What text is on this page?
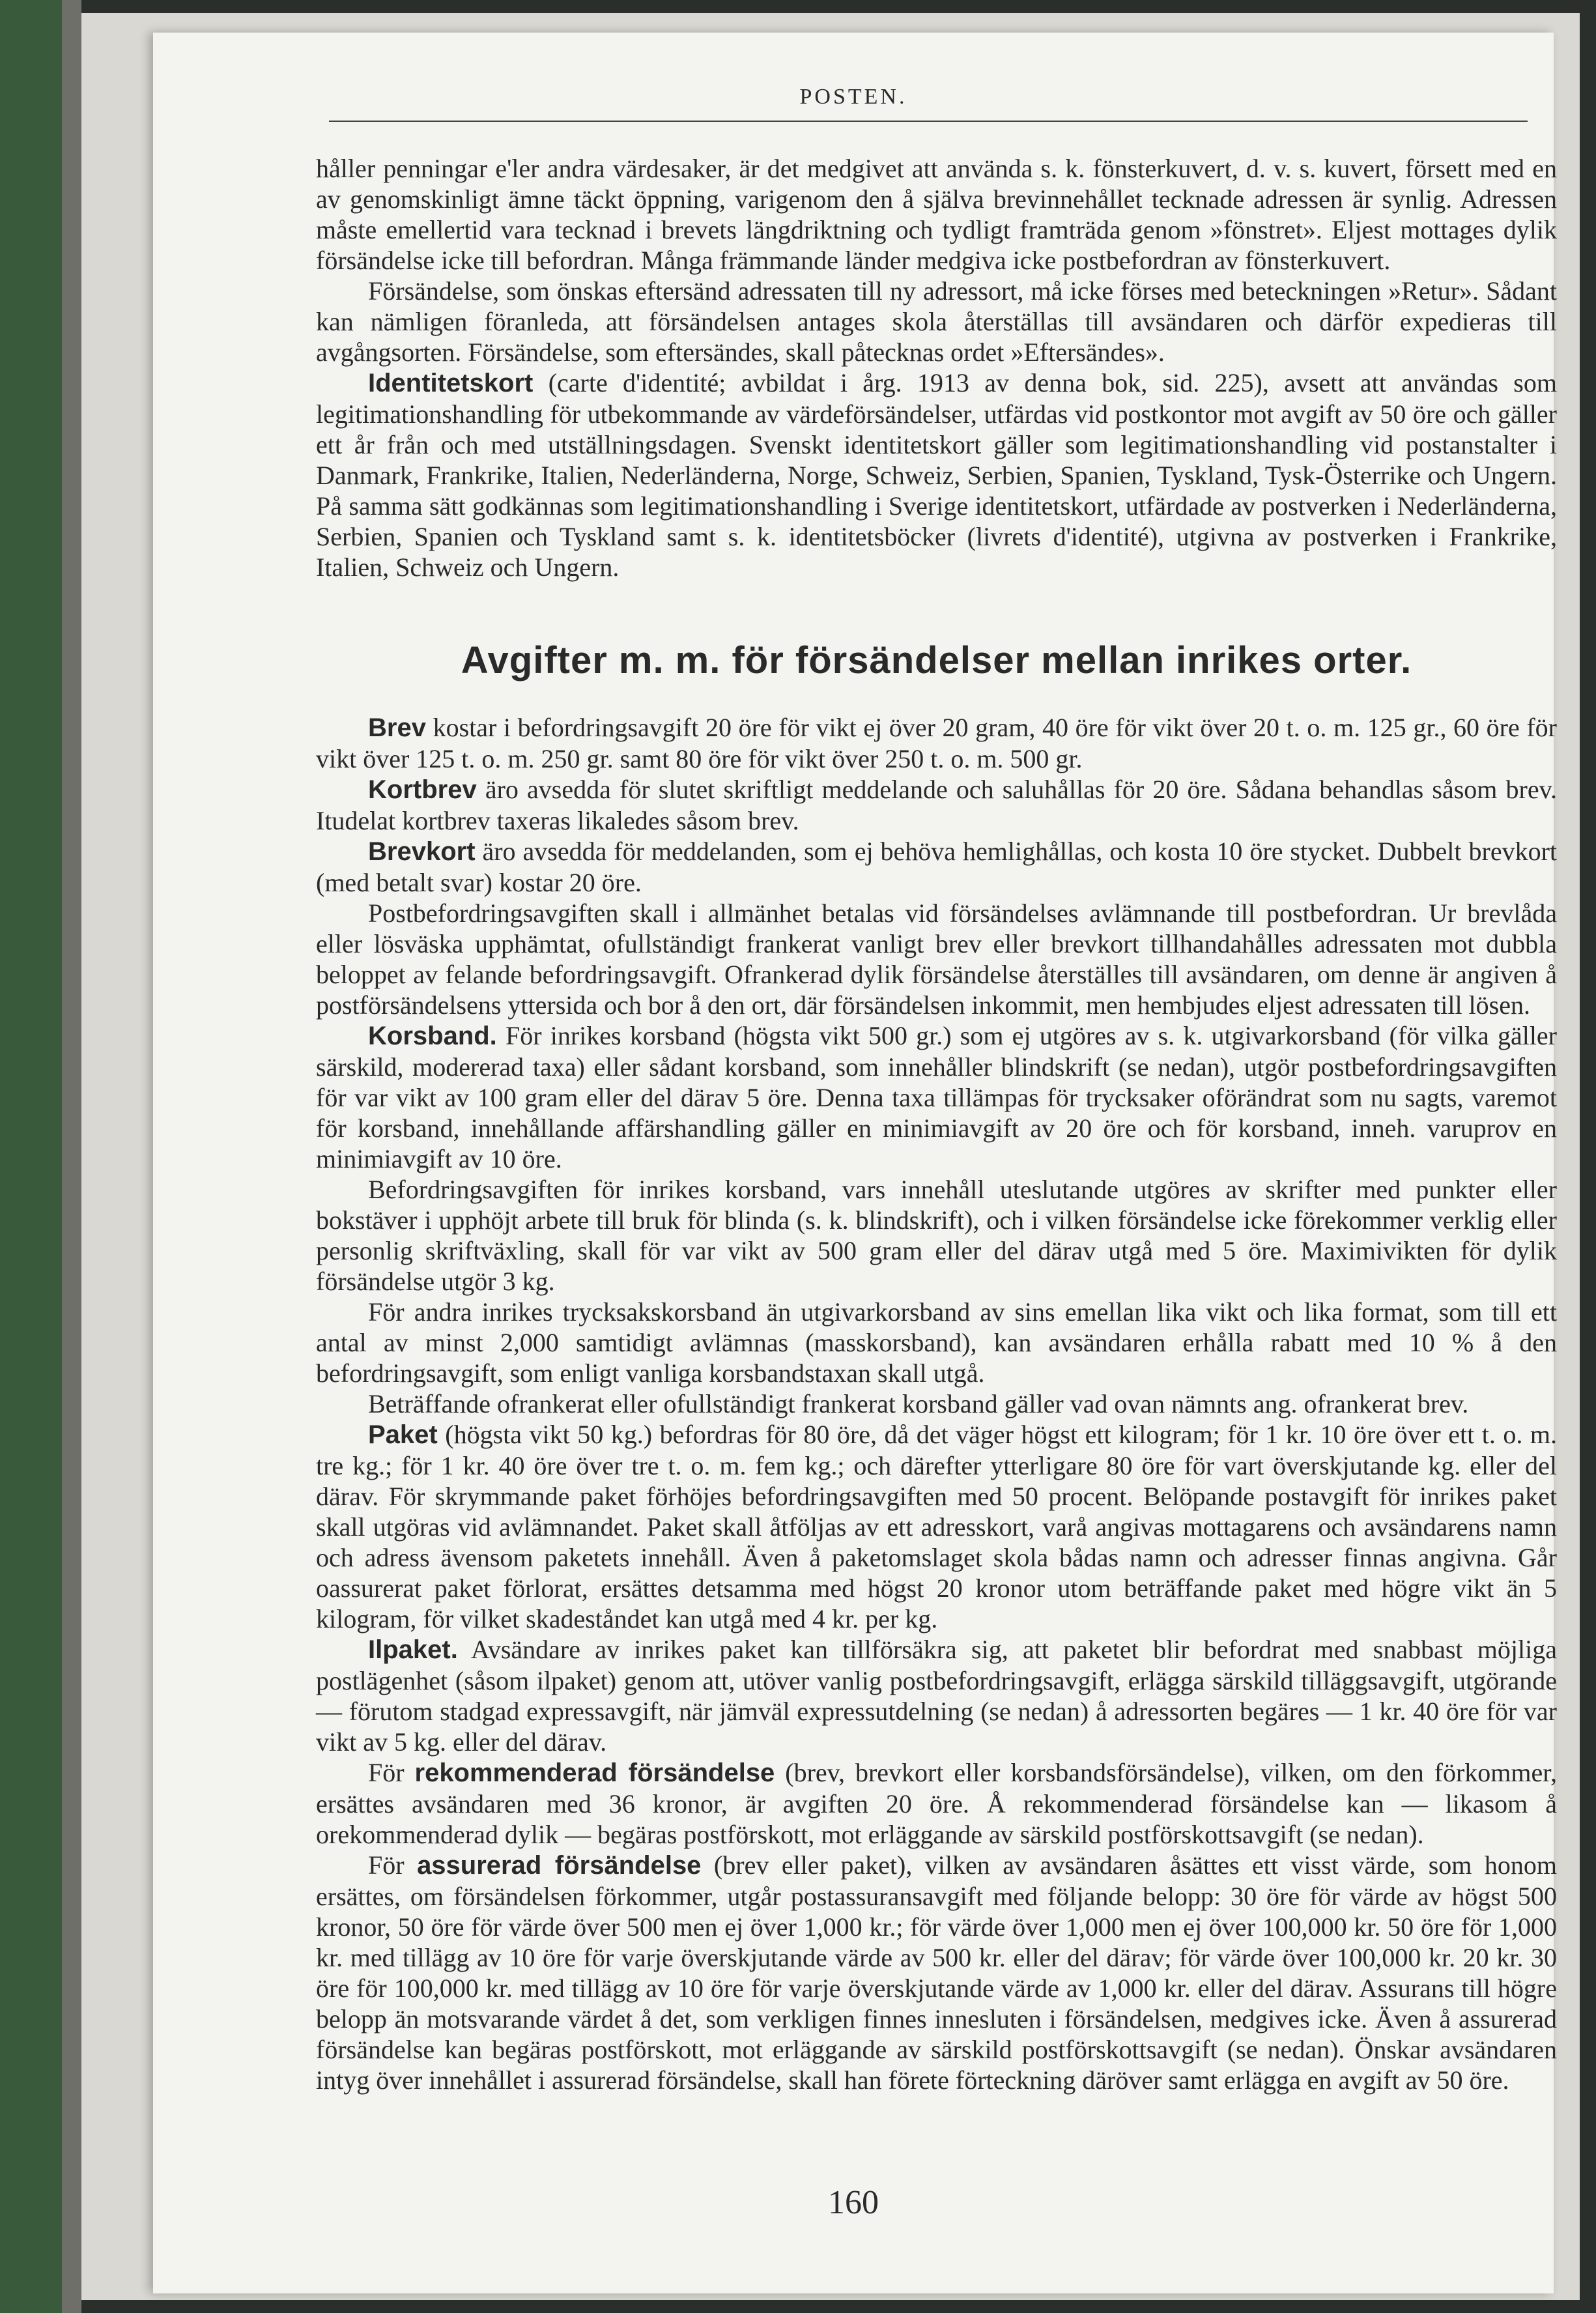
POSTEN.

håller penningar e'ler andra värdesaker, är det medgivet att använda s. k. fönsterkuvert, d. v. s. kuvert, försett med en av genomskinligt ämne täckt öppning, varigenom den å själva brevinnehållet tecknade adressen är synlig. Adressen måste emellertid vara tecknad i brevets längdriktning och tydligt framträda genom »fönstret». Eljest mottages dylik försändelse icke till befordran. Många främmande länder medgiva icke postbefordran av fönsterkuvert.

Försändelse, som önskas eftersänd adressaten till ny adressort, må icke förses med beteckningen »Retur». Sådant kan nämligen föranleda, att försändelsen antages skola återställas till avsändaren och därför expedieras till avgångsorten. Försändelse, som eftersändes, skall påtecknas ordet »Eftersändes».

Identitetskort (carte d'identité; avbildat i årg. 1913 av denna bok, sid. 225), avsett att användas som legitimationshandling för utbekommande av värdeförsändelser, utfärdas vid postkontor mot avgift av 50 öre och gäller ett år från och med utställningsdagen. Svenskt identitetskort gäller som legitimationshandling vid postanstalter i Danmark, Frankrike, Italien, Nederländerna, Norge, Schweiz, Serbien, Spanien, Tyskland, Tysk-Österrike och Ungern. På samma sätt godkännas som legitimationshandling i Sverige identitetskort, utfärdade av postverken i Nederländerna, Serbien, Spanien och Tyskland samt s. k. identitetsböcker (livrets d'identité), utgivna av postverken i Frankrike, Italien, Schweiz och Ungern.

Avgifter m. m. för försändelser mellan inrikes orter.

Brev kostar i befordringsavgift 20 öre för vikt ej över 20 gram, 40 öre för vikt över 20 t. o. m. 125 gr., 60 öre för vikt över 125 t. o. m. 250 gr. samt 80 öre för vikt över 250 t. o. m. 500 gr.

Kortbrev äro avsedda för slutet skriftligt meddelande och saluhållas för 20 öre. Sådana behandlas såsom brev. Itudelat kortbrev taxeras likaledes såsom brev.

Brevkort äro avsedda för meddelanden, som ej behöva hemlighållas, och kosta 10 öre stycket. Dubbelt brevkort (med betalt svar) kostar 20 öre.

Postbefordringsavgiften skall i allmänhet betalas vid försändelses avlämnande till postbefordran. Ur brevlåda eller lösväska upphämtat, ofullständigt frankerat vanligt brev eller brevkort tillhandahålles adressaten mot dubbla beloppet av felande befordringsavgift. Ofrankerad dylik försändelse återställes till avsändaren, om denne är angiven å postförsändelsens yttersida och bor å den ort, där försändelsen inkommit, men hembjudes eljest adressaten till lösen.

Korsband. För inrikes korsband (högsta vikt 500 gr.) som ej utgöres av s. k. utgivarkorsband (för vilka gäller särskild, modererad taxa) eller sådant korsband, som innehåller blindskrift (se nedan), utgör postbefordringsavgiften för var vikt av 100 gram eller del därav 5 öre. Denna taxa tillämpas för trycksaker oförändrat som nu sagts, varemot för korsband, innehållande affärshandling gäller en minimiavgift av 20 öre och för korsband, inneh. varuprov en minimiavgift av 10 öre.

Befordringsavgiften för inrikes korsband, vars innehåll uteslutande utgöres av skrifter med punkter eller bokstäver i upphöjt arbete till bruk för blinda (s. k. blindskrift), och i vilken försändelse icke förekommer verklig eller personlig skriftväxling, skall för var vikt av 500 gram eller del därav utgå med 5 öre. Maximivikten för dylik försändelse utgör 3 kg.

För andra inrikes trycksakskorsband än utgivarkorsband av sins emellan lika vikt och lika format, som till ett antal av minst 2,000 samtidigt avlämnas (masskorsband), kan avsändaren erhålla rabatt med 10 % å den befordringsavgift, som enligt vanliga korsbandstaxan skall utgå.

Beträffande ofrankerat eller ofullständigt frankerat korsband gäller vad ovan nämnts ang. ofrankerat brev.

Paket (högsta vikt 50 kg.) befordras för 80 öre, då det väger högst ett kilogram; för 1 kr. 10 öre över ett t. o. m. tre kg.; för 1 kr. 40 öre över tre t. o. m. fem kg.; och därefter ytterligare 80 öre för vart överskjutande kg. eller del därav. För skrymmande paket förhöjes befordringsavgiften med 50 procent. Belöpande postavgift för inrikes paket skall utgöras vid avlämnandet. Paket skall åtföljas av ett adresskort, varå angivas mottagarens och avsändarens namn och adress ävensom paketets innehåll. Även å paketomslaget skola bådas namn och adresser finnas angivna. Går oassurerat paket förlorat, ersättes detsamma med högst 20 kronor utom beträffande paket med högre vikt än 5 kilogram, för vilket skadeståndet kan utgå med 4 kr. per kg.

Ilpaket. Avsändare av inrikes paket kan tillförsäkra sig, att paketet blir befordrat med snabbast möjliga postlägenhet (såsom ilpaket) genom att, utöver vanlig postbefordringsavgift, erlägga särskild tilläggsavgift, utgörande — förutom stadgad expressavgift, när jämväl expressutdelning (se nedan) å adressorten begäres — 1 kr. 40 öre för var vikt av 5 kg. eller del därav.

För rekommenderad försändelse (brev, brevkort eller korsbandsförsändelse), vilken, om den förkommer, ersättes avsändaren med 36 kronor, är avgiften 20 öre. Å rekommenderad försändelse kan — likasom å orekommenderad dylik — begäras postförskott, mot erläggande av särskild postförskottsavgift (se nedan).

För assurerad försändelse (brev eller paket), vilken av avsändaren åsättes ett visst värde, som honom ersättes, om försändelsen förkommer, utgår postassuransavgift med följande belopp: 30 öre för värde av högst 500 kronor, 50 öre för värde över 500 men ej över 1,000 kr.; för värde över 1,000 men ej över 100,000 kr. 50 öre för 1,000 kr. med tillägg av 10 öre för varje överskjutande värde av 500 kr. eller del därav; för värde över 100,000 kr. 20 kr. 30 öre för 100,000 kr. med tillägg av 10 öre för varje överskjutande värde av 1,000 kr. eller del därav. Assurans till högre belopp än motsvarande värdet å det, som verkligen finnes innesluten i försändelsen, medgives icke. Även å assurerad försändelse kan begäras postförskott, mot erläggande av särskild postförskottsavgift (se nedan). Önskar avsändaren intyg över innehållet i assurerad försändelse, skall han förete förteckning däröver samt erlägga en avgift av 50 öre.

160
